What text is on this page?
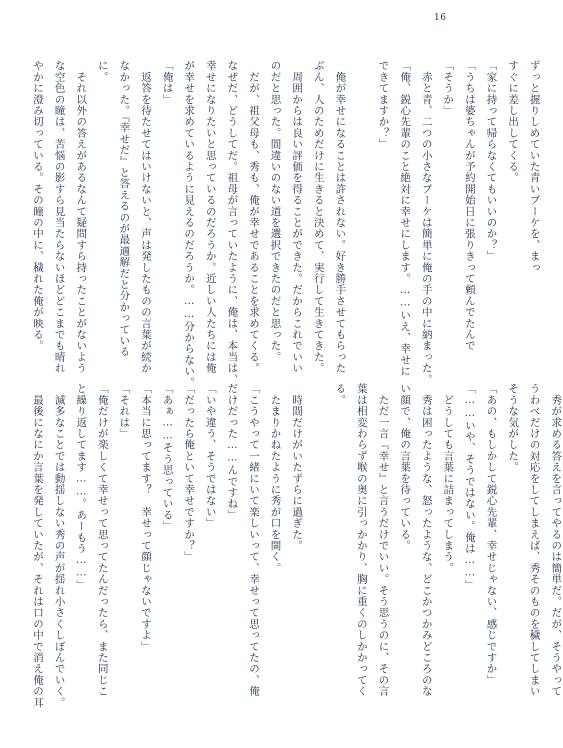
16
ずっと握りしめていた青いブーケを、まっ
すぐに差し出してくる。
「家に持って帰らなくてもいいのか？」
「うちは婆ちゃんが予約開始日に張りきって頼んでたんで
「そうか」
　赤と青、二つの小さなブーケは簡単に俺の手の中に納まった。
「俺、鋭心先輩のこと絶対に幸せにします。……いえ、幸せに
できてますか？」
　俺が幸せになることは許されない。好き勝手させてもらった
ぶん、人のためだけに生きると決めて、実行して生きてきた。
　周囲からは良い評価を得ることができた。だからこれでいい
のだと思った。間違いのない道を選択できたのだと思った。
　だが、祖父母も、秀も、俺が幸せであることを求めてくる。
なぜだ、どうしてだ。祖母が言っていたように、俺は、本当は、
幸せになりたいと思っているのだろうか。近しい人たちには俺
が幸せを求めているように見えるのだろうか。……分からない。
「俺は」
　返答を待たせてはいけないと、声は発したものの言葉が続か
なかった。『幸せだ』と答えるのが最適解だと分かっている
に。
　それ以外の答えがあるなんて疑問すら持ったことがないよう
な空色の瞳は、苦悩の影すら見当たらないほどどこまでも晴れ
やかに澄み切っている。その瞳の中に、穢れた俺が映る。
　秀が求める答えを言ってやるのは簡単だ。だが、そうやって
うわべだけの対応をしてしまえば、秀そのものを穢してしまい
そうな気がした。
「あの、もしかして鋭心先輩、幸せじゃない、感じですか」
「……いや、そうではない。俺は……」
　どうしても言葉に詰まってしまう。
　秀は困ったような、怒ったような、どこかつかみどころのな
い顔で、俺の言葉を待っている。
　ただ一言『幸せ』と言うだけでいい。そう思うのに、その言
葉は相変わらず喉の奥に引っかかり、胸に重くのしかかってく
る。
　時間だけがいたずらに過ぎた。
　たまりかねたように秀が口を開く。
「こうやって一緒にいて楽しいって、幸せって思ってたの、俺
だけだった……んですね」
「いや違う、そうではない」
「だったら俺といて幸せですか？」
「あぁ……そう思っている」
「本当に思ってます？　幸せって顔じゃないですよ」
「それは」
「俺だけが楽しくて幸せって思ってたんだったら、また同じこ
と繰り返してます……。あーもう……」
　滅多なことでは動揺しない秀の声が揺れ小さくしぼんでいく。
　最後になにか言葉を発していたが、それは口の中で消え俺の耳
